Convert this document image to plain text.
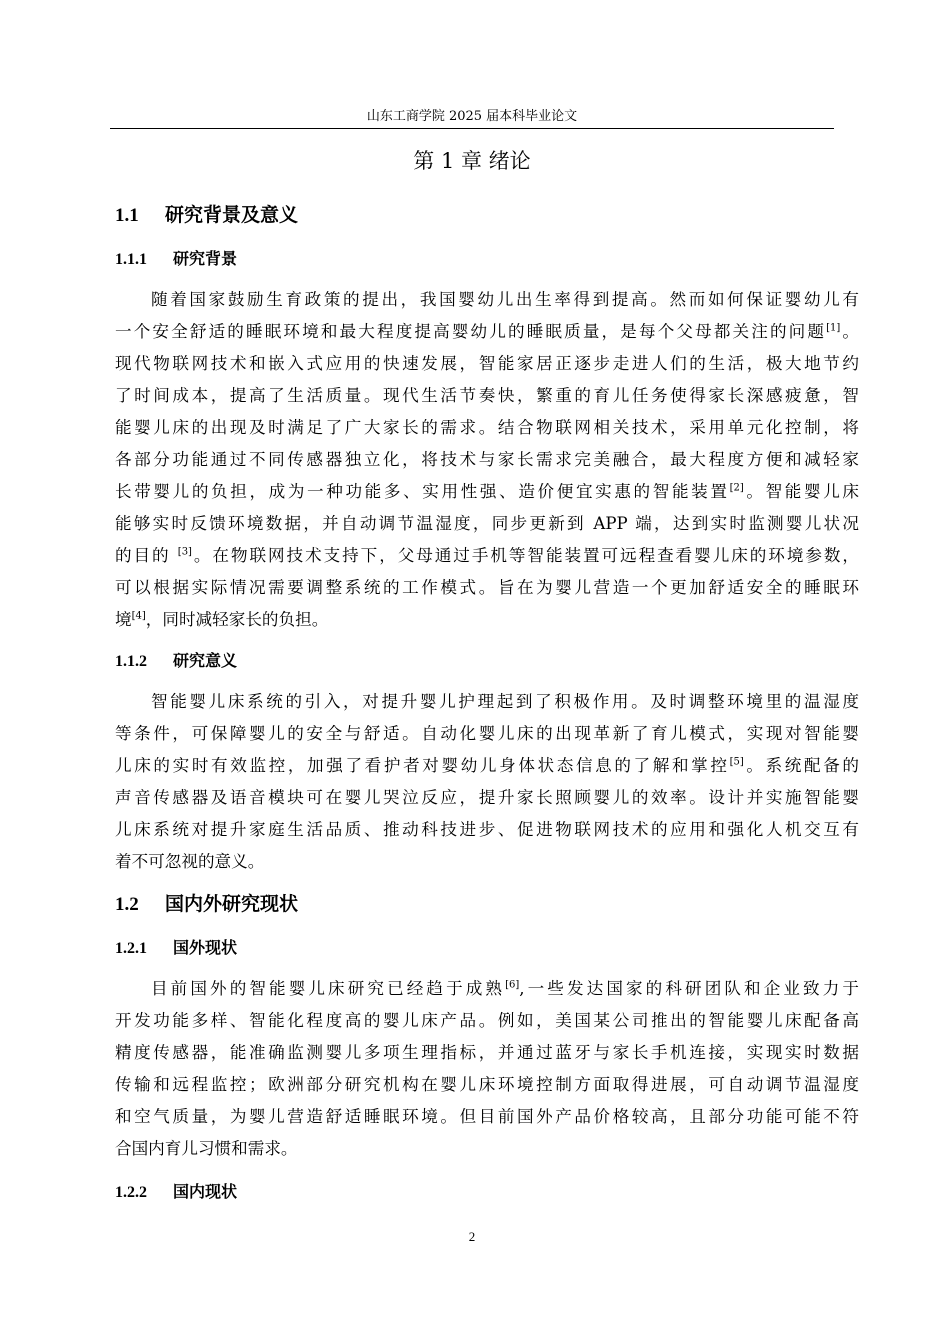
山东工商学院 2025 届本科毕业论文
第 1 章 绪论
1.1 研究背景及意义
1.1.1 研究背景
随着国家鼓励生育政策的提出，我国婴幼儿出生率得到提高。然而如何保证婴幼儿有
一个安全舒适的睡眠环境和最大程度提高婴幼儿的睡眠质量，是每个父母都关注的问题[1]。
现代物联网技术和嵌入式应用的快速发展，智能家居正逐步走进人们的生活，极大地节约
了时间成本，提高了生活质量。现代生活节奏快，繁重的育儿任务使得家长深感疲惫，智
能婴儿床的出现及时满足了广大家长的需求。结合物联网相关技术，采用单元化控制，将
各部分功能通过不同传感器独立化，将技术与家长需求完美融合，最大程度方便和减轻家
长带婴儿的负担，成为一种功能多、实用性强、造价便宜实惠的智能装置[2]。智能婴儿床
能够实时反馈环境数据，并自动调节温湿度，同步更新到 APP 端，达到实时监测婴儿状况
的目的 [3]。在物联网技术支持下，父母通过手机等智能装置可远程查看婴儿床的环境参数，
可以根据实际情况需要调整系统的工作模式。旨在为婴儿营造一个更加舒适安全的睡眠环
境[4]，同时减轻家长的负担。
1.1.2 研究意义
智能婴儿床系统的引入，对提升婴儿护理起到了积极作用。及时调整环境里的温湿度
等条件，可保障婴儿的安全与舒适。自动化婴儿床的出现革新了育儿模式，实现对智能婴
儿床的实时有效监控，加强了看护者对婴幼儿身体状态信息的了解和掌控[5]。系统配备的
声音传感器及语音模块可在婴儿哭泣反应，提升家长照顾婴儿的效率。设计并实施智能婴
儿床系统对提升家庭生活品质、推动科技进步、促进物联网技术的应用和强化人机交互有
着不可忽视的意义。
1.2 国内外研究现状
1.2.1 国外现状
目前国外的智能婴儿床研究已经趋于成熟[6],一些发达国家的科研团队和企业致力于
开发功能多样、智能化程度高的婴儿床产品。例如，美国某公司推出的智能婴儿床配备高
精度传感器，能准确监测婴儿多项生理指标，并通过蓝牙与家长手机连接，实现实时数据
传输和远程监控；欧洲部分研究机构在婴儿床环境控制方面取得进展，可自动调节温湿度
和空气质量，为婴儿营造舒适睡眠环境。但目前国外产品价格较高，且部分功能可能不符
合国内育儿习惯和需求。
1.2.2 国内现状
2
